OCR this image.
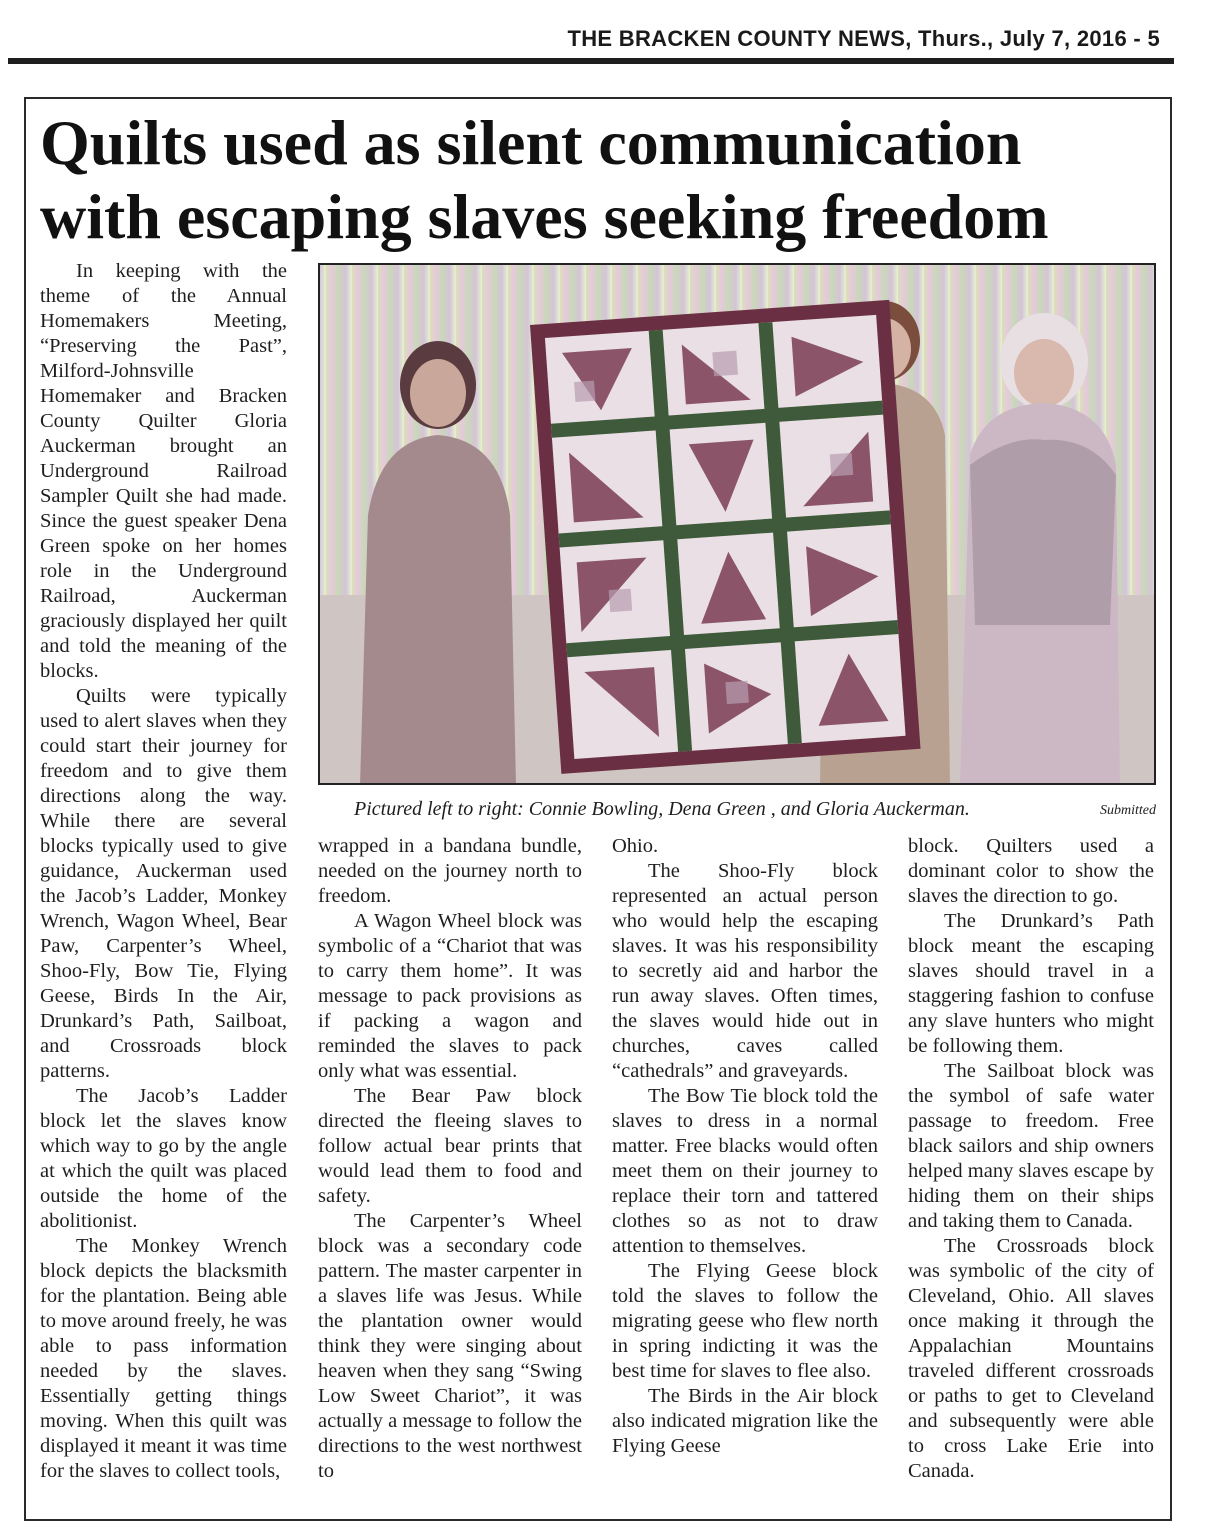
THE BRACKEN COUNTY NEWS, Thurs., July 7, 2016 - 5
Quilts used as silent communication
with escaping slaves seeking freedom

In keeping with the theme of the Annual Homemakers Meeting, “Preserving the Past”, Milford-Johnsville Homemaker and Bracken County Quilter Gloria Auckerman brought an Underground Railroad Sampler Quilt she had made. Since the guest speaker Dena Green spoke on her homes role in the Underground Railroad, Auckerman graciously displayed her quilt and told the meaning of the blocks.

Quilts were typically used to alert slaves when they could start their journey for freedom and to give them directions along the way. While there are several blocks typically used to give guidance, Auckerman used the Jacob’s Ladder, Monkey Wrench, Wagon Wheel, Bear Paw, Carpenter’s Wheel, Shoo-Fly, Bow Tie, Flying Geese, Birds In the Air, Drunkard’s Path, Sailboat, and Crossroads block patterns.

The Jacob’s Ladder block let the slaves know which way to go by the angle at which the quilt was placed outside the home of the abolitionist.

The Monkey Wrench block depicts the blacksmith for the plantation. Being able to move around freely, he was able to pass information needed by the slaves. Essentially getting things moving. When this quilt was displayed it meant it was time for the slaves to collect tools,

Pictured left to right: Connie Bowling, Dena Green , and Gloria Auckerman.	Submitted

wrapped in a bandana bundle, needed on the journey north to freedom.

A Wagon Wheel block was symbolic of a “Chariot that was to carry them home”. It was message to pack provisions as if packing a wagon and reminded the slaves to pack only what was essential.

The Bear Paw block directed the fleeing slaves to follow actual bear prints that would lead them to food and safety.

The Carpenter’s Wheel block was a secondary code pattern. The master carpenter in a slaves life was Jesus. While the plantation owner would think they were singing about heaven when they sang “Swing Low Sweet Chariot”, it was actually a message to follow the directions to the west northwest to

Ohio.

The Shoo-Fly block represented an actual person who would help the escaping slaves. It was his responsibility to secretly aid and harbor the run away slaves. Often times, the slaves would hide out in churches, caves called “cathedrals” and graveyards.

The Bow Tie block told the slaves to dress in a normal matter. Free blacks would often meet them on their journey to replace their torn and tattered clothes so as not to draw attention to themselves.

The Flying Geese block told the slaves to follow the migrating geese who flew north in spring indicting it was the best time for slaves to flee also.

The Birds in the Air block also indicated migration like the Flying Geese

block. Quilters used a dominant color to show the slaves the direction to go.

The Drunkard’s Path block meant the escaping slaves should travel in a staggering fashion to confuse any slave hunters who might be following them.

The Sailboat block was the symbol of safe water passage to freedom. Free black sailors and ship owners helped many slaves escape by hiding them on their ships and taking them to Canada.

The Crossroads block was symbolic of the city of Cleveland, Ohio. All slaves once making it through the Appalachian Mountains traveled different crossroads or paths to get to Cleveland and subsequently were able to cross Lake Erie into Canada.
